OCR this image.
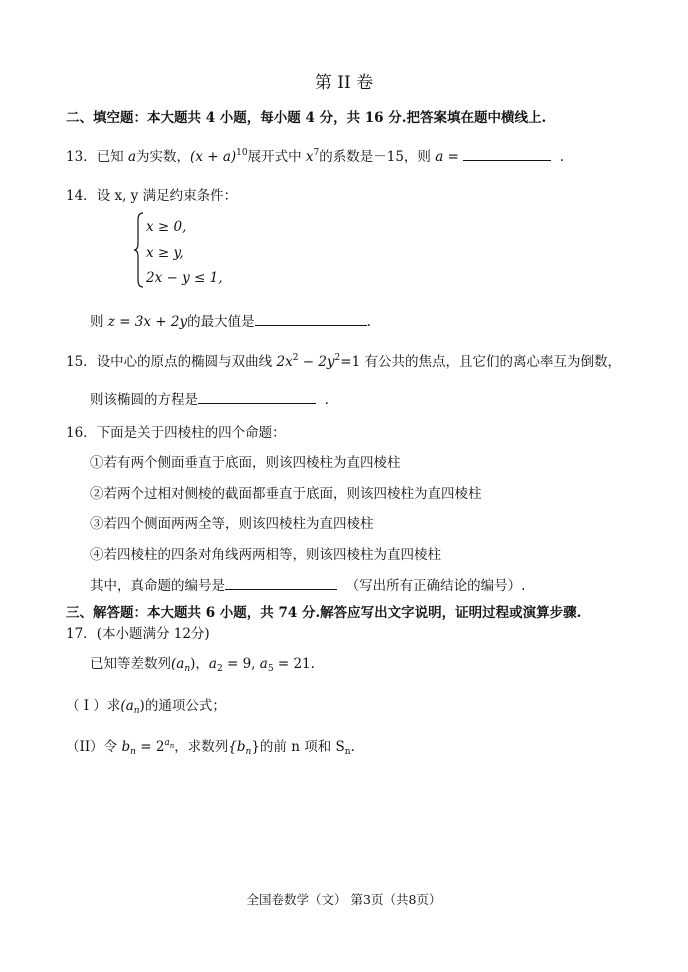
第 II 卷
二、填空题：本大题共 4 小题，每小题 4 分，共 16 分.把答案填在题中横线上.
13．已知 a为实数，$(x + a)^{10}$展开式中 $x^7$的系数是－15，则 a =	.
14．设 x, y 满足约束条件：
x ≥ 0,
x ≥ y,
2x − y ≤ 1,
则 z = 3x + 2y的最大值是	.
15．设中心的原点的椭圆与双曲线 $2x^2 - 2y^2=1$ 有公共的焦点，且它们的离心率互为倒数，
则该椭圆的方程是	.
16．下面是关于四棱柱的四个命题：
①若有两个侧面垂直于底面，则该四棱柱为直四棱柱
②若两个过相对侧棱的截面都垂直于底面，则该四棱柱为直四棱柱
③若四个侧面两两全等，则该四棱柱为直四棱柱
④若四棱柱的四条对角线两两相等，则该四棱柱为直四棱柱
其中，真命题的编号是	（写出所有正确结论的编号）.
三、解答题：本大题共 6 小题，共 74 分.解答应写出文字说明，证明过程或演算步骤.
17．(本小题满分 12分)
已知等差数列$(a_n)$，$a_2 = 9$, $a_5 = 21$.
（ I ）求$(a_n)$的通项公式；
（II）令 $b_n = 2^{a_n}$，求数列$\{b_n\}$的前 n 项和 $S_n$.
全国卷数学（文） 第3页（共8页）
